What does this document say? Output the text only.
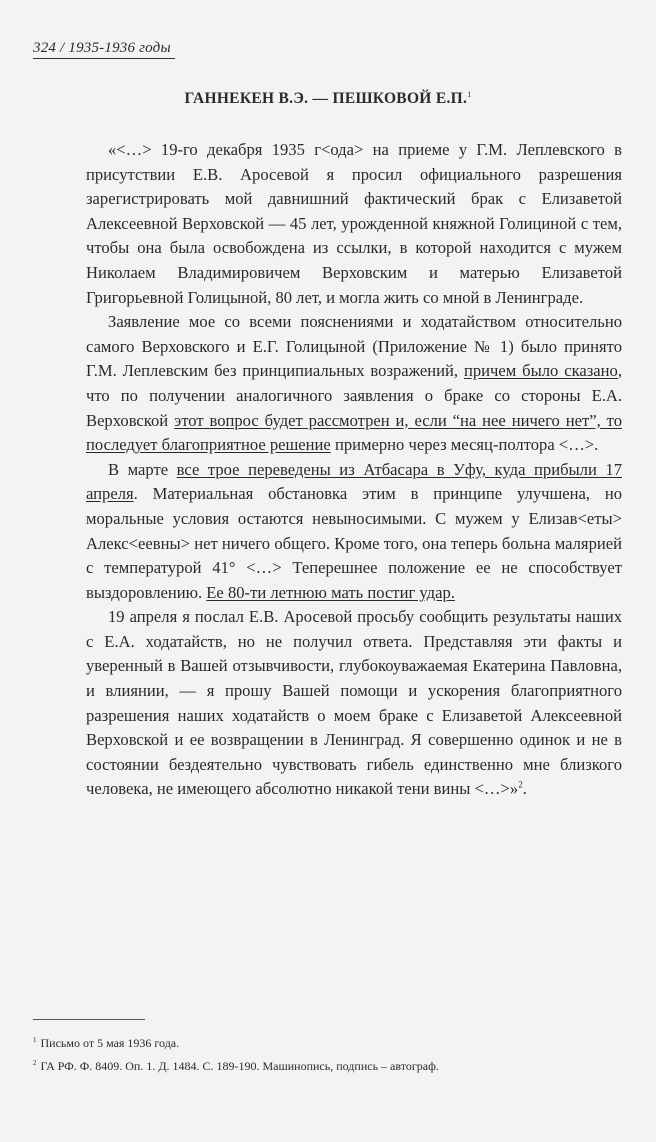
324 / 1935-1936 годы
ГАННЕКЕН В.Э. — ПЕШКОВОЙ Е.П.$^1$

«<…> 19-го декабря 1935 г<ода> на приеме у Г.М. Леплевского в присутствии Е.В. Аросевой я просил официального разрешения зарегистрировать мой давнишний фактический брак с Елизаветой Алексеевной Верховской — 45 лет, урожденной княжной Голициной с тем, чтобы она была освобождена из ссылки, в которой находится с мужем Николаем Владимировичем Верховским и матерью Елизаветой Григорьевной Голицыной, 80 лет, и могла жить со мной в Ленинграде.

Заявление мое со всеми пояснениями и ходатайством относительно самого Верховского и Е.Г. Голицыной (Приложение № 1) было принято Г.М. Леплевским без принципиальных возражений, причем было сказано, что по получении аналогичного заявления о браке со стороны Е.А. Верховской этот вопрос будет рассмотрен и, если “на нее ничего нет”, то последует благоприятное решение примерно через месяц-полтора <…>.

В марте все трое переведены из Атбасара в Уфу, куда прибыли 17 апреля. Материальная обстановка этим в принципе улучшена, но моральные условия остаются невыносимыми. С мужем у Елизав<еты> Алекс<еевны> нет ничего общего. Кроме того, она теперь больна малярией с температурой 41° <…> Теперешнее положение ее не способствует выздоровлению. Ее 80-ти летнюю мать постиг удар.

19 апреля я послал Е.В. Аросевой просьбу сообщить результаты наших с Е.А. ходатайств, но не получил ответа. Представляя эти факты и уверенный в Вашей отзывчивости, глубокоуважаемая Екатерина Павловна, и влиянии, — я прошу Вашей помощи и ускорения благоприятного разрешения наших ходатайств о моем браке с Елизаветой Алексеевной Верховской и ее возвращении в Ленинград. Я совершенно одинок и не в состоянии бездеятельно чувствовать гибель единственно мне близкого человека, не имеющего абсолютно никакой тени вины <…>»$^2$.

$^1$ Письмо от 5 мая 1936 года.
$^2$ ГА РФ. Ф. 8409. Оп. 1. Д. 1484. С. 189-190. Машинопись, подпись – автограф.
